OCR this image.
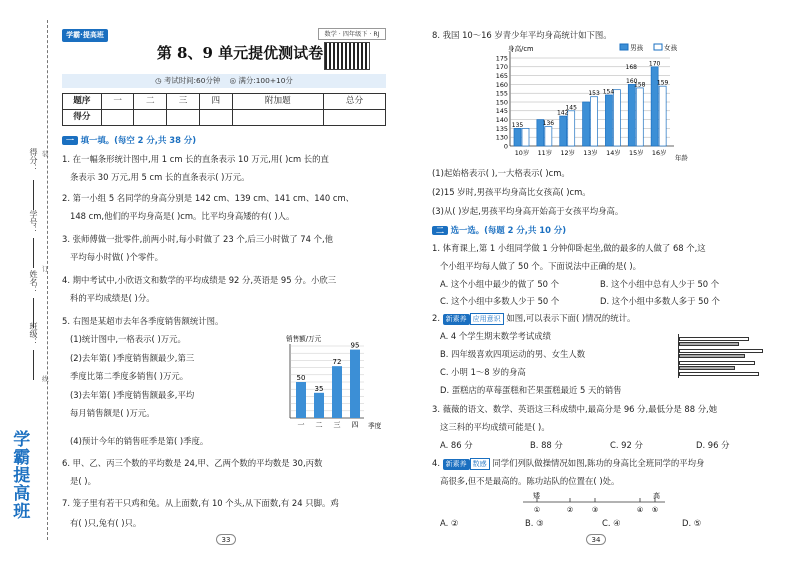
得分：
学号：
姓名：
班级：
装
订
线
学霸提高班
学霸·提高班	数学 · 四年级下 · RJ
第 8、9 单元提优测试卷
◷ 考试时间:60分钟 ◎ 满分:100+10分
题序	一	二	三	四	附加题	总分
得分						
一 填一填。(每空 2 分,共 38 分)
1. 在一幅条形统计图中,用 1 cm 长的直条表示 10 万元,用( )cm 长的直
条表示 30 万元,用 5 cm 长的直条表示( )万元。
2. 第一小组 5 名同学的身高分别是 142 cm、139 cm、141 cm、140 cm、
148 cm,他们的平均身高是( )cm。比平均身高矮的有( )人。
3. 张师傅做一批零件,前两小时,每小时做了 23 个,后三小时做了 74 个,他
平均每小时做( )个零件。
4. 期中考试中,小欣语文和数学的平均成绩是 92 分,英语是 95 分。小欣三
科的平均成绩是( )分。
5. 右图是某超市去年各季度销售额统计图。
(1)统计图中,一格表示( )万元。
(2)去年第( )季度销售额最少,第三
季度比第二季度多销售( )万元。
(3)去年第( )季度销售额最多,平均
每月销售额是( )万元。
(4)预计今年的销售旺季是第( )季度。
销售额/万元
季度
50
一
35
二
72
三
95
四
6. 甲、乙、丙三个数的平均数是 24,甲、乙两个数的平均数是 30,丙数
是( )。
7. 笼子里有若干只鸡和兔。从上面数,有 10 个头,从下面数,有 24 只脚。鸡
有( )只,兔有( )只。
33
8. 我国 10～16 岁青少年平均身高统计如下图。
身高/cm
年龄
0
130
135
140
145
150
155
160
165
170
175
135
10岁
136
11岁
145
12岁
153
13岁 14岁
160
158
15岁
170
159
16岁
142
154
168
男孩	女孩
(1)起始格表示( ),一大格表示( )cm。
(2)15 岁时,男孩平均身高比女孩高( )cm。
(3)从( )岁起,男孩平均身高开始高于女孩平均身高。
二 选一选。(每题 2 分,共 10 分)
1. 体育课上,第 1 小组同学做 1 分钟仰卧起坐,做的最多的人做了 68 个,这
个小组平均每人做了 50 个。下面说法中正确的是( )。
A. 这个小组中最少的做了 50 个	B. 这个小组中总有人少于 50 个
C. 这个小组中多数人少于 50 个	D. 这个小组中多数人多于 50 个
2. 新素养 应用意识 如图,可以表示下面( )情况的统计。
A. 4 个学生期末数学考试成绩
B. 四年级喜欢四项运动的男、女生人数
C. 小明 1～8 岁的身高
D. 蛋糕店的草莓蛋糕和芒果蛋糕最近 5 天的销售
3. 薇薇的语文、数学、英语这三科成绩中,最高分是 96 分,最低分是 88 分,她
这三科的平均成绩可能是( )。
A. 86 分	B. 88 分	C. 92 分	D. 96 分
4. 新素养 数感 同学们列队做操情况如图,陈功的身高比全班同学的平均身
高很多,但不是最高的。陈功站队的位置在( )处。
矮	高
①	②	③	④ ⑤
A. ②	B. ③	C. ④	D. ⑤
34
